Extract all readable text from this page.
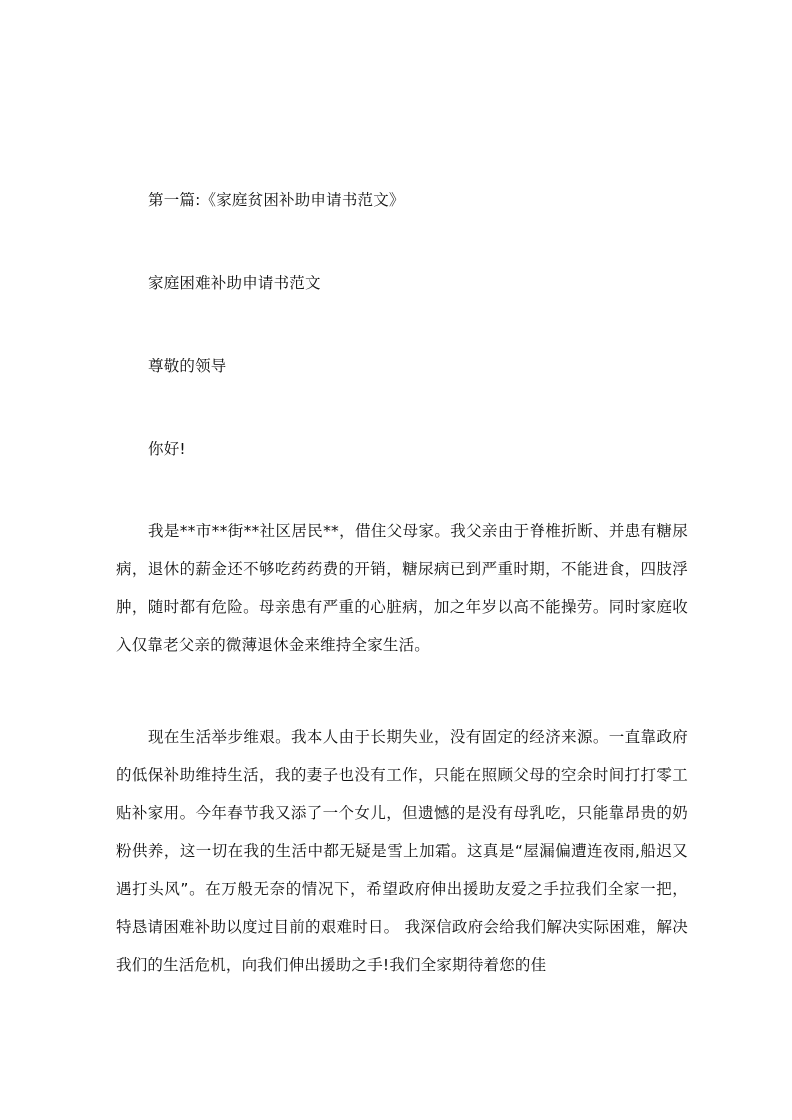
第一篇:《家庭贫困补助申请书范文》
家庭困难补助申请书范文
尊敬的领导
你好!
我是**市**街**社区居民**，借住父母家。我父亲由于脊椎折断、并患有糖尿病，退休的薪金还不够吃药药费的开销，糖尿病已到严重时期，不能进食，四肢浮肿，随时都有危险。母亲患有严重的心脏病，加之年岁以高不能操劳。同时家庭收入仅靠老父亲的微薄退休金来维持全家生活。
现在生活举步维艰。我本人由于长期失业，没有固定的经济来源。一直靠政府的低保补助维持生活，我的妻子也没有工作，只能在照顾父母的空余时间打打零工贴补家用。今年春节我又添了一个女儿，但遗憾的是没有母乳吃，只能靠昂贵的奶粉供养，这一切在我的生活中都无疑是雪上加霜。这真是“屋漏偏遭连夜雨,船迟又遇打头风”。在万般无奈的情况下，希望政府伸出援助友爱之手拉我们全家一把，特恳请困难补助以度过目前的艰难时日。 我深信政府会给我们解决实际困难，解决我们的生活危机，向我们伸出援助之手!我们全家期待着您的佳
